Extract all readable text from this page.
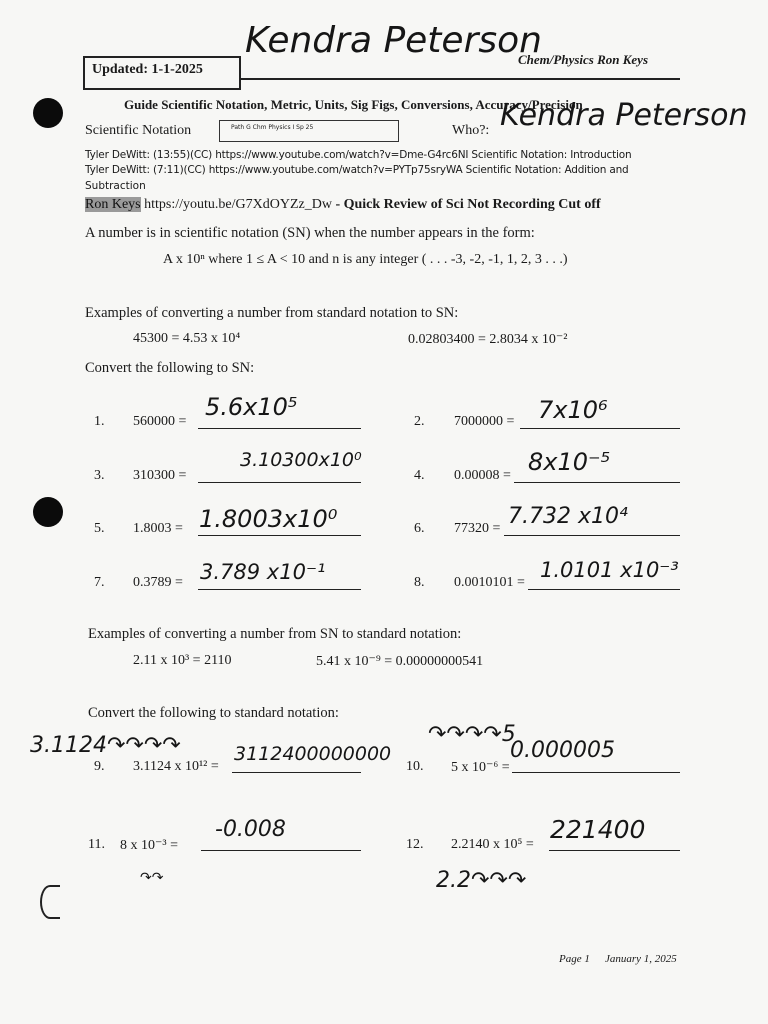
Updated: 1-1-2025
Kendra Peterson
Chem/Physics Ron Keys
Guide Scientific Notation, Metric, Units, Sig Figs, Conversions, Accuracy/Precision
Scientific Notation	Path G Chm Physics I Sp 25	Who?: Kendra Peterson
Tyler DeWitt: (13:55)(CC) https://www.youtube.com/watch?v=Dme-G4rc6NI Scientific Notation: Introduction
Tyler DeWitt: (7:11)(CC) https://www.youtube.com/watch?v=PYTp75sryWA Scientific Notation: Addition and
Subtraction
Ron Keys https://youtu.be/G7XdOYZz_Dw - Quick Review of Sci Not Recording Cut off
A number is in scientific notation (SN) when the number appears in the form:
A x 10ⁿ where 1 ≤ A < 10 and n is any integer ( . . . -3, -2, -1, 1, 2, 3 . . .)
Examples of converting a number from standard notation to SN:
45300 = 4.53 x 10⁴	0.02803400 = 2.8034 x 10⁻²
Convert the following to SN:
1. 560000 =
5.6x10⁵
3. 310300 =
3.10300x10⁰
5. 1.8003 = 1.8003x10⁰
7. 0.3789 = 3.789 x10⁻¹
2. 7000000 = 7x10⁶
4. 0.00008 = 8x10⁻⁵
6. 77320 = 7.732 x10⁴
8. 0.0010101 =
1.0101 x10⁻³
Examples of converting a number from SN to standard notation:
2.11 x 10³ = 2110	5.41 x 10⁻⁹ = 0.00000000541
Convert the following to standard notation:
3.1124↷↷↷↷
9. 3.1124 x 10¹² =
3112400000000
↷↷↷↷5
10. 5 x 10⁻⁶ =
0.000005
11. 8 x 10⁻³ =
-0.008
↷↷
12. 2.2140 x 10⁵ =
221400
2.2↷↷↷
Page 1 January 1, 2025
